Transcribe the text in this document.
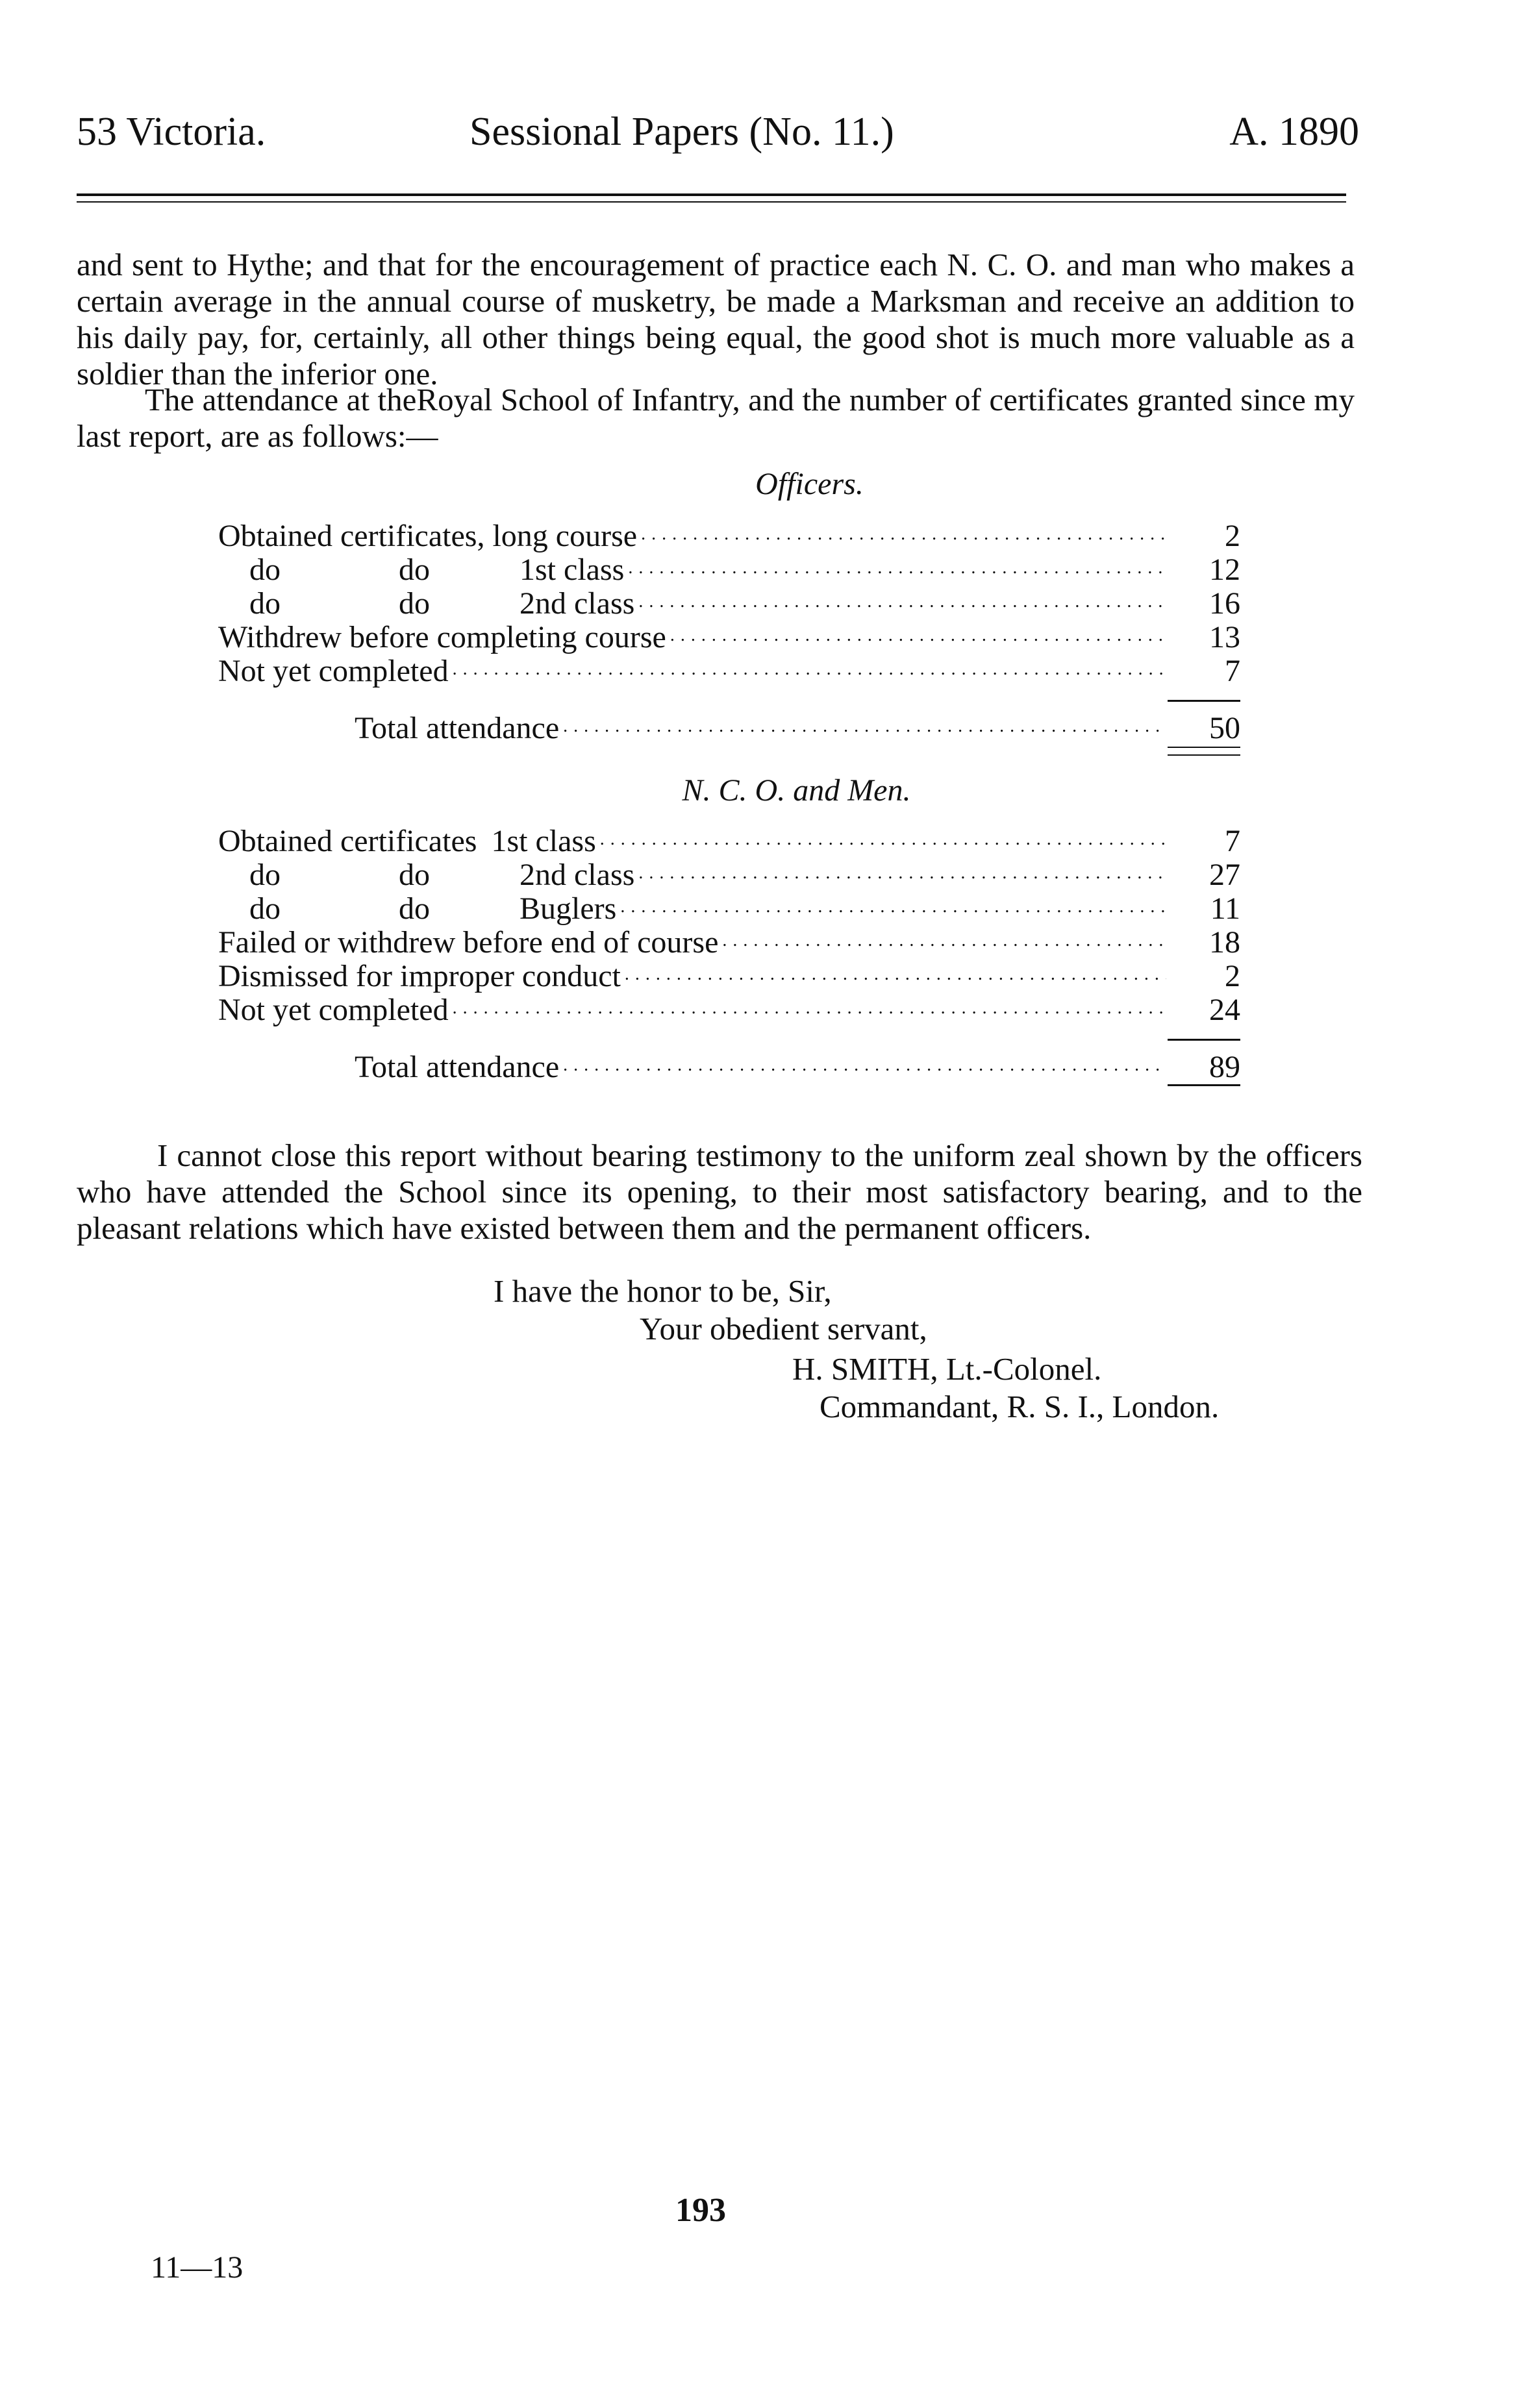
53 Victoria.	Sessional Papers (No. 11.)	A. 1890
and sent to Hythe; and that for the encouragement of practice each N. C. O. and man who makes a certain average in the annual course of musketry, be made a Marksman and receive an addition to his daily pay, for, certainly, all other things being equal, the good shot is much more valuable as a soldier than the inferior one.
The attendance at theRoyal School of Infantry, and the number of certificates granted since my last report, are as follows:—
Officers.
Obtained certificates, long course . . .	2
do	do	1st class . . .	12
do	do	2nd class . . .	16
Withdrew before completing course . . .	13
Not yet completed . . .	7
Total attendance . . .	50
N. C. O. and Men.
Obtained certificates 1st class . . .	7
do	do	2nd class . . .	27
do	do	Buglers . . .	11
Failed or withdrew before end of course . . .	18
Dismissed for improper conduct . . .	2
Not yet completed . . .	24
Total attendance . . .	89
I cannot close this report without bearing testimony to the uniform zeal shown by the officers who have attended the School since its opening, to their most satisfactory bearing, and to the pleasant relations which have existed between them and the permanent officers.
I have the honor to be, Sir,
Your obedient servant,
H. SMITH, Lt.-Colonel.
Commandant, R. S. I., London.
193
11—13
